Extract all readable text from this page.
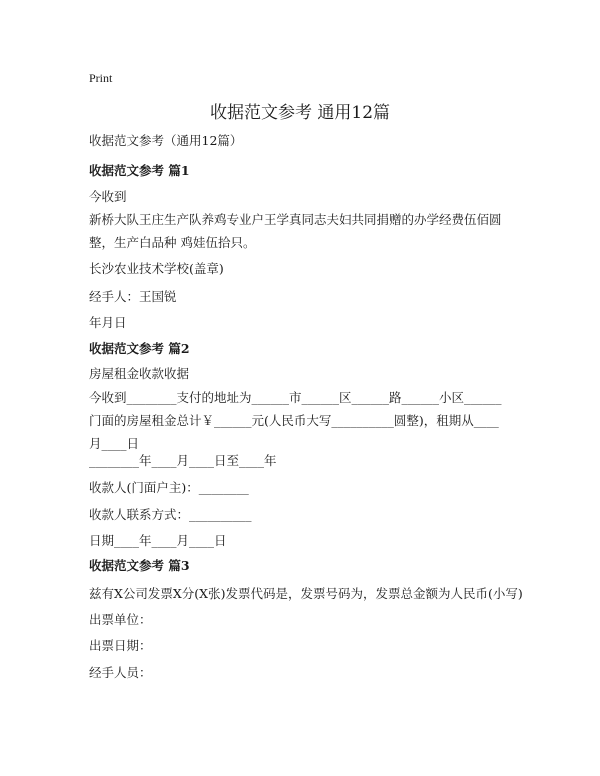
Print
收据范文参考 通用12篇
收据范文参考（通用12篇）
收据范文参考 篇1
今收到
新桥大队王庄生产队养鸡专业户王学真同志夫妇共同捐赠的办学经费伍佰圆整，生产白品种 鸡娃伍拾只。
长沙农业技术学校(盖章)
经手人：王国锐
年月日
收据范文参考 篇2
房屋租金收款收据
今收到________支付的地址为______市______区______路______小区______门面的房屋租金总计￥______元(人民币大写__________圆整)，租期从____月____日
________年____月____日至____年
收款人(门面户主)：________
收款人联系方式：__________
日期____年____月____日
收据范文参考 篇3
兹有X公司发票X分(X张)发票代码是，发票号码为，发票总金额为人民币(小写)
出票单位：
出票日期：
经手人员：
